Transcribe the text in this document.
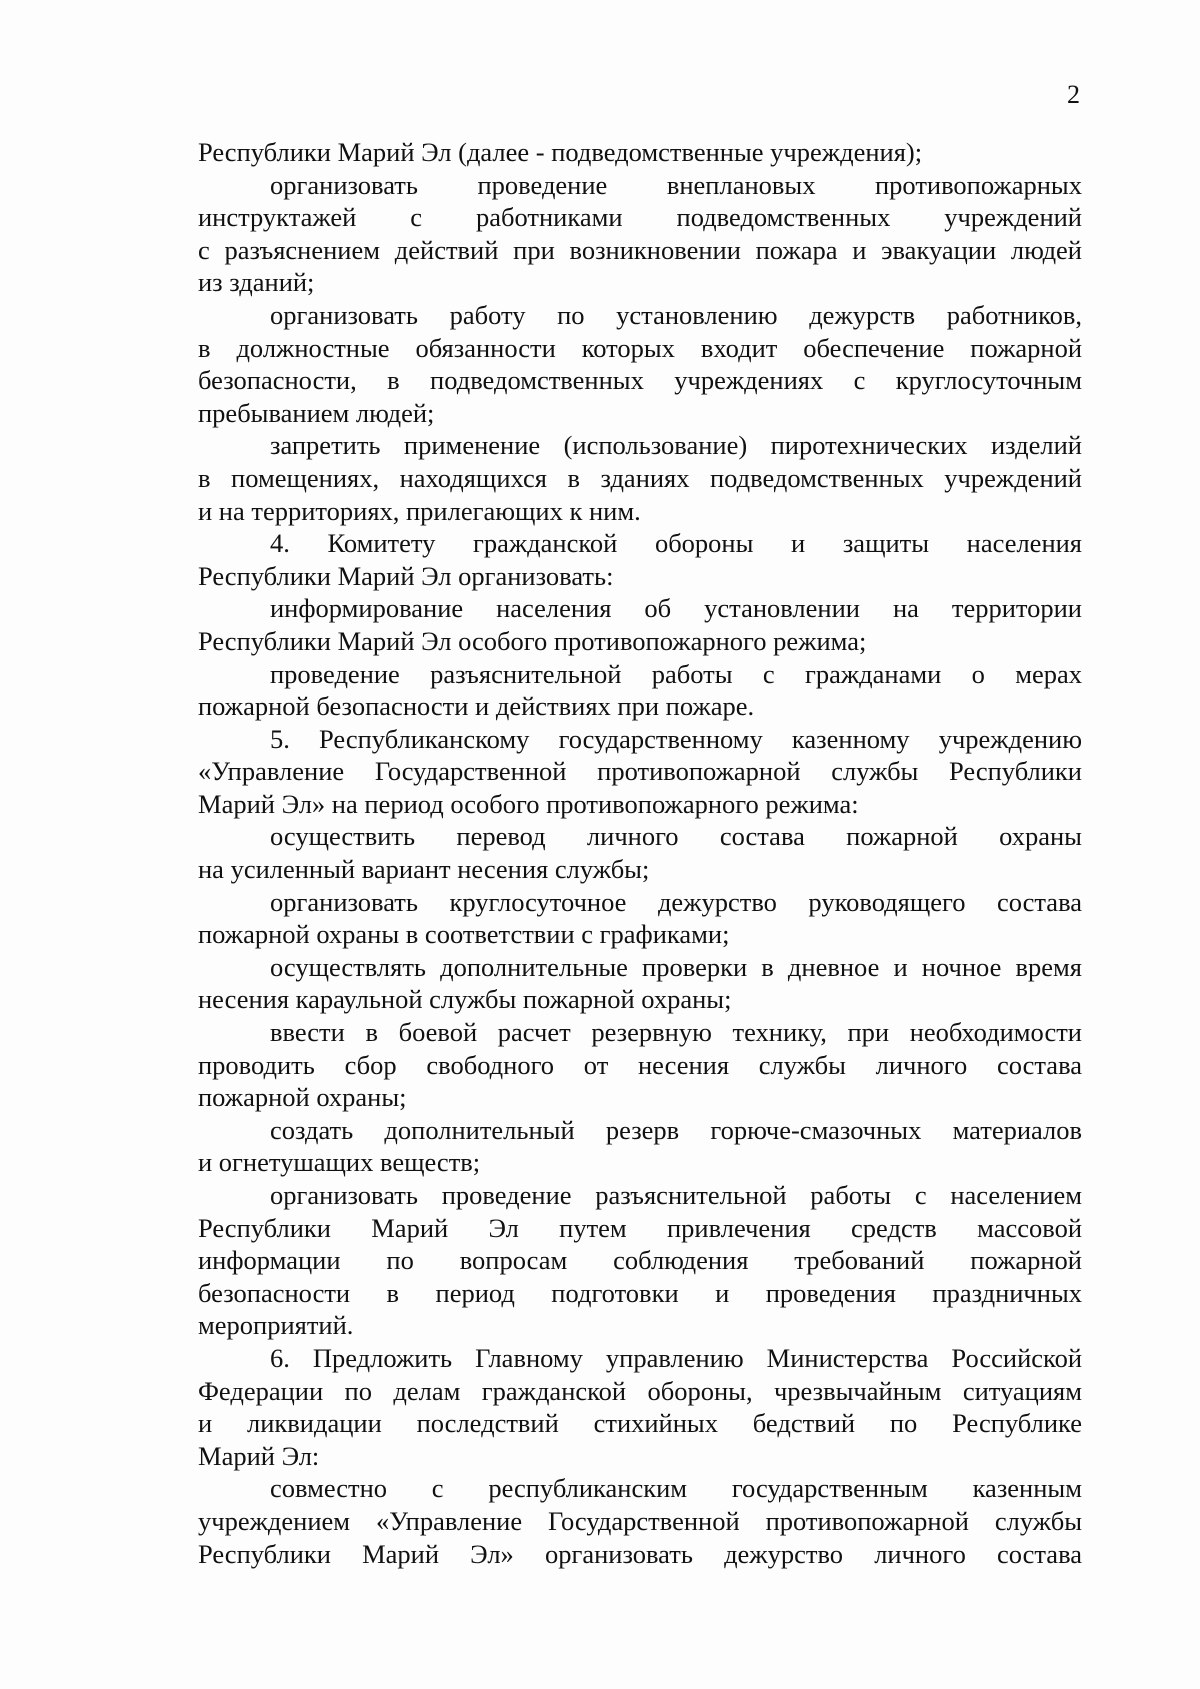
2
Республики Марий Эл (далее - подведомственные учреждения);
организовать проведение внеплановых противопожарных
инструктажей с работниками подведомственных учреждений
с разъяснением действий при возникновении пожара и эвакуации людей
из зданий;
организовать работу по установлению дежурств работников,
в должностные обязанности которых входит обеспечение пожарной
безопасности, в подведомственных учреждениях с круглосуточным
пребыванием людей;
запретить применение (использование) пиротехнических изделий
в помещениях, находящихся в зданиях подведомственных учреждений
и на территориях, прилегающих к ним.
4. Комитету гражданской обороны и защиты населения
Республики Марий Эл организовать:
информирование населения об установлении на территории
Республики Марий Эл особого противопожарного режима;
проведение разъяснительной работы с гражданами о мерах
пожарной безопасности и действиях при пожаре.
5. Республиканскому государственному казенному учреждению
«Управление Государственной противопожарной службы Республики
Марий Эл» на период особого противопожарного режима:
осуществить перевод личного состава пожарной охраны
на усиленный вариант несения службы;
организовать круглосуточное дежурство руководящего состава
пожарной охраны в соответствии с графиками;
осуществлять дополнительные проверки в дневное и ночное время
несения караульной службы пожарной охраны;
ввести в боевой расчет резервную технику, при необходимости
проводить сбор свободного от несения службы личного состава
пожарной охраны;
создать дополнительный резерв горюче-смазочных материалов
и огнетушащих веществ;
организовать проведение разъяснительной работы с населением
Республики Марий Эл путем привлечения средств массовой
информации по вопросам соблюдения требований пожарной
безопасности в период подготовки и проведения праздничных
мероприятий.
6. Предложить Главному управлению Министерства Российской
Федерации по делам гражданской обороны, чрезвычайным ситуациям
и ликвидации последствий стихийных бедствий по Республике
Марий Эл:
совместно с республиканским государственным казенным
учреждением «Управление Государственной противопожарной службы
Республики Марий Эл» организовать дежурство личного состава
